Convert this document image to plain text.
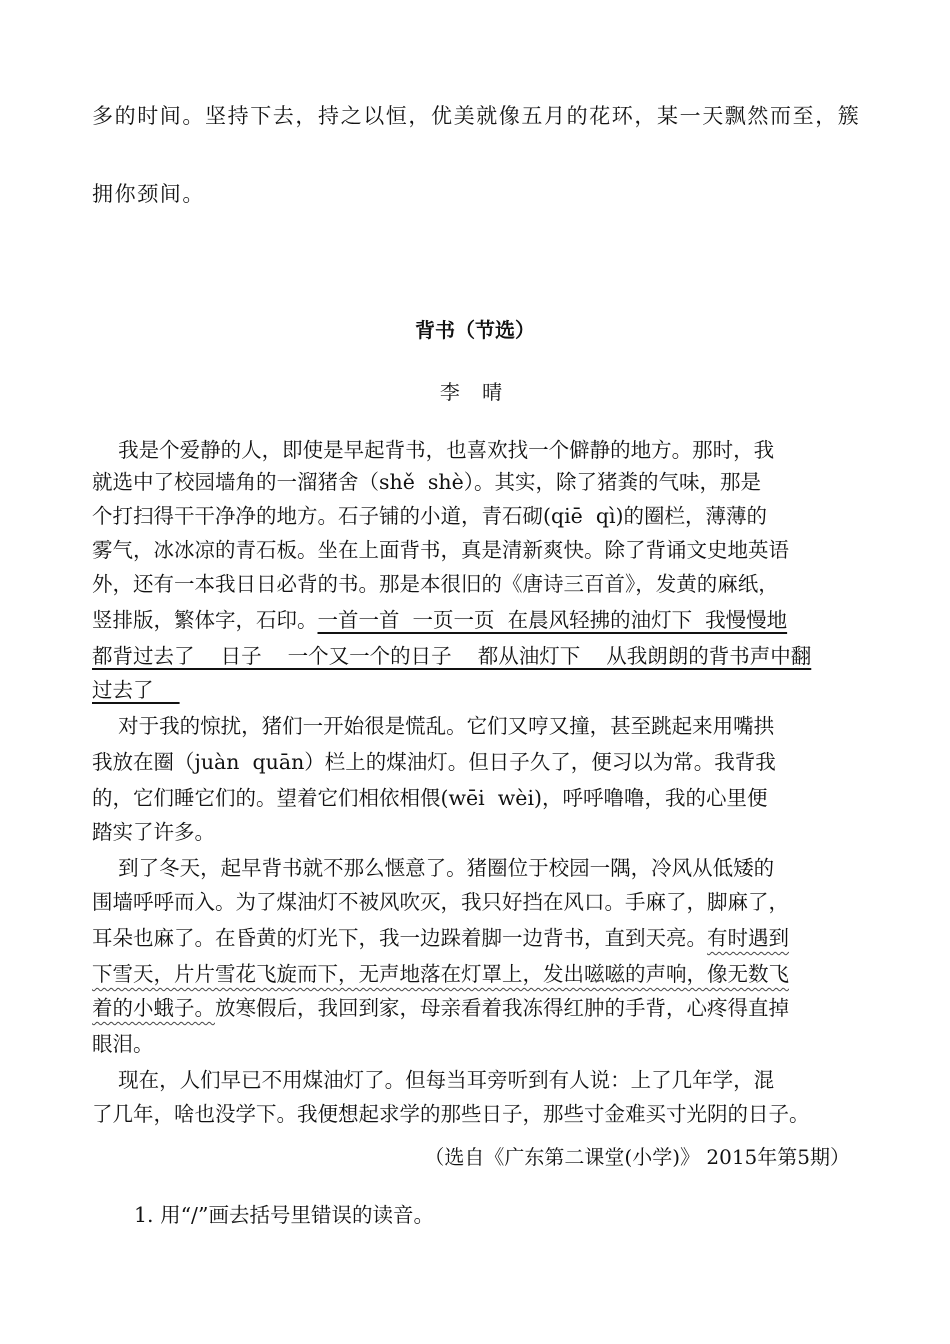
多的时间。坚持下去，持之以恒，优美就像五月的花环，某一天飘然而至，簇
拥你颈间。
背书（节选）
李 晴
我是个爱静的人，即使是早起背书，也喜欢找一个僻静的地方。那时，我
就选中了校园墙角的一溜猪舍（shě  shè）。其实，除了猪粪的气味，那是
个打扫得干干净净的地方。石子铺的小道，青石砌(qiē  qì)的圈栏，薄薄的
雾气，冰冰凉的青石板。坐在上面背书，真是清新爽快。除了背诵文史地英语
外，还有一本我日日必背的书。那是本很旧的《唐诗三百首》，发黄的麻纸，
竖排版，繁体字，石印。一首一首  一页一页  在晨风轻拂的油灯下  我慢慢地
都背过去了    日子    一个又一个的日子    都从油灯下    从我朗朗的背书声中翻
过去了
对于我的惊扰，猪们一开始很是慌乱。它们又哼又撞，甚至跳起来用嘴拱
我放在圈（juàn  quān）栏上的煤油灯。但日子久了，便习以为常。我背我
的，它们睡它们的。望着它们相依相偎(wēi  wèi)，呼呼噜噜，我的心里便
踏实了许多。
到了冬天，起早背书就不那么惬意了。猪圈位于校园一隅，冷风从低矮的
围墙呼呼而入。为了煤油灯不被风吹灭，我只好挡在风口。手麻了，脚麻了，
耳朵也麻了。在昏黄的灯光下，我一边跺着脚一边背书，直到天亮。有时遇到
下雪天，片片雪花飞旋而下，无声地落在灯罩上，发出嗞嗞的声响，像无数飞
着的小蛾子。放寒假后，我回到家，母亲看着我冻得红肿的手背，心疼得直掉
眼泪。
现在，人们早已不用煤油灯了。但每当耳旁听到有人说：上了几年学，混
了几年，啥也没学下。我便想起求学的那些日子，那些寸金难买寸光阴的日子。
（选自《广东第二课堂(小学)》 2015年第5期）
1. 用“/”画去括号里错误的读音。
